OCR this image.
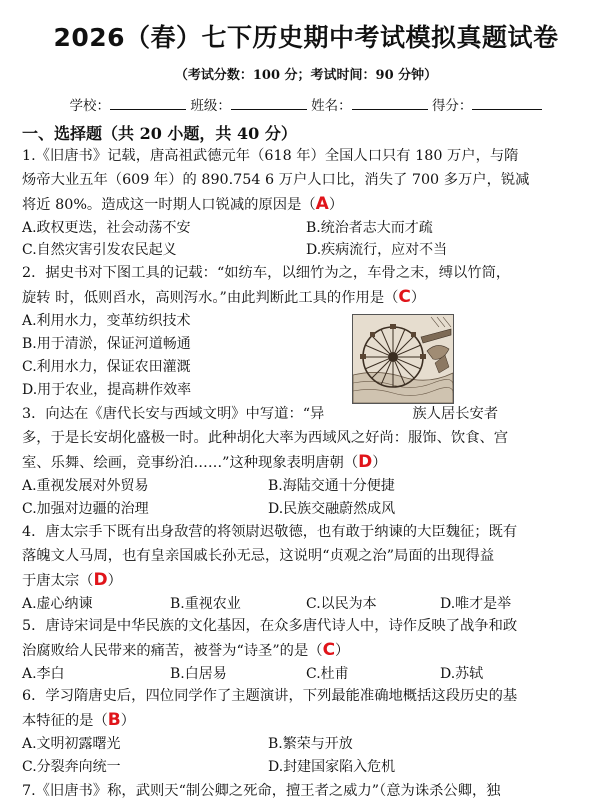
2026（春）七下历史期中考试模拟真题试卷
（考试分数：100 分；考试时间：90 分钟）
学校：	班级：	姓名：	得分：
一、选择题（共 20 小题，共 40 分）
1.《旧唐书》记载，唐高祖武德元年（618 年）全国人口只有 180 万户，与隋
炀帝大业五年（609 年）的 890.754 6 万户人口比，消失了 700 多万户，锐减
将近 80%。造成这一时期人口锐减的原因是（A）
A.政权更迭，社会动荡不安	B.统治者志大而才疏
C.自然灾害引发农民起义	D.疾病流行，应对不当
2．据史书对下图工具的记载：“如纺车，以细竹为之，车骨之末，缚以竹筒，
旋转 时，低则舀水，高则泻水。”由此判断此工具的作用是（C）
A.利用水力，变革纺织技术
B.用于清淤，保证河道畅通
C.利用水力，保证农田灌溉
D.用于农业，提高耕作效率
3．向达在《唐代长安与西域文明》中写道：“异	族人居长安者
多，于是长安胡化盛极一时。此种胡化大率为西域风之好尚：服饰、饮食、宫
室、乐舞、绘画，竞事纷泊……”这种现象表明唐朝（D）
A.重视发展对外贸易	B.海陆交通十分便捷
C.加强对边疆的治理	D.民族交融蔚然成风
4．唐太宗手下既有出身敌营的将领尉迟敬德，也有敢于纳谏的大臣魏征；既有
落魄文人马周，也有皇亲国戚长孙无忌，这说明“贞观之治”局面的出现得益
于唐太宗（D）
A.虚心纳谏	B.重视农业	C.以民为本	D.唯才是举
5．唐诗宋词是中华民族的文化基因，在众多唐代诗人中，诗作反映了战争和政
治腐败给人民带来的痛苦，被誉为“诗圣”的是（C）
A.李白	B.白居易	C.杜甫	D.苏轼
6．学习隋唐史后，四位同学作了主题演讲，下列最能准确地概括这段历史的基
本特征的是（B）
A.文明初露曙光	B.繁荣与开放
C.分裂奔向统一	D.封建国家陷入危机
7.《旧唐书》称，武则天“制公卿之死命，擅王者之威力”（意为诛杀公卿，独
